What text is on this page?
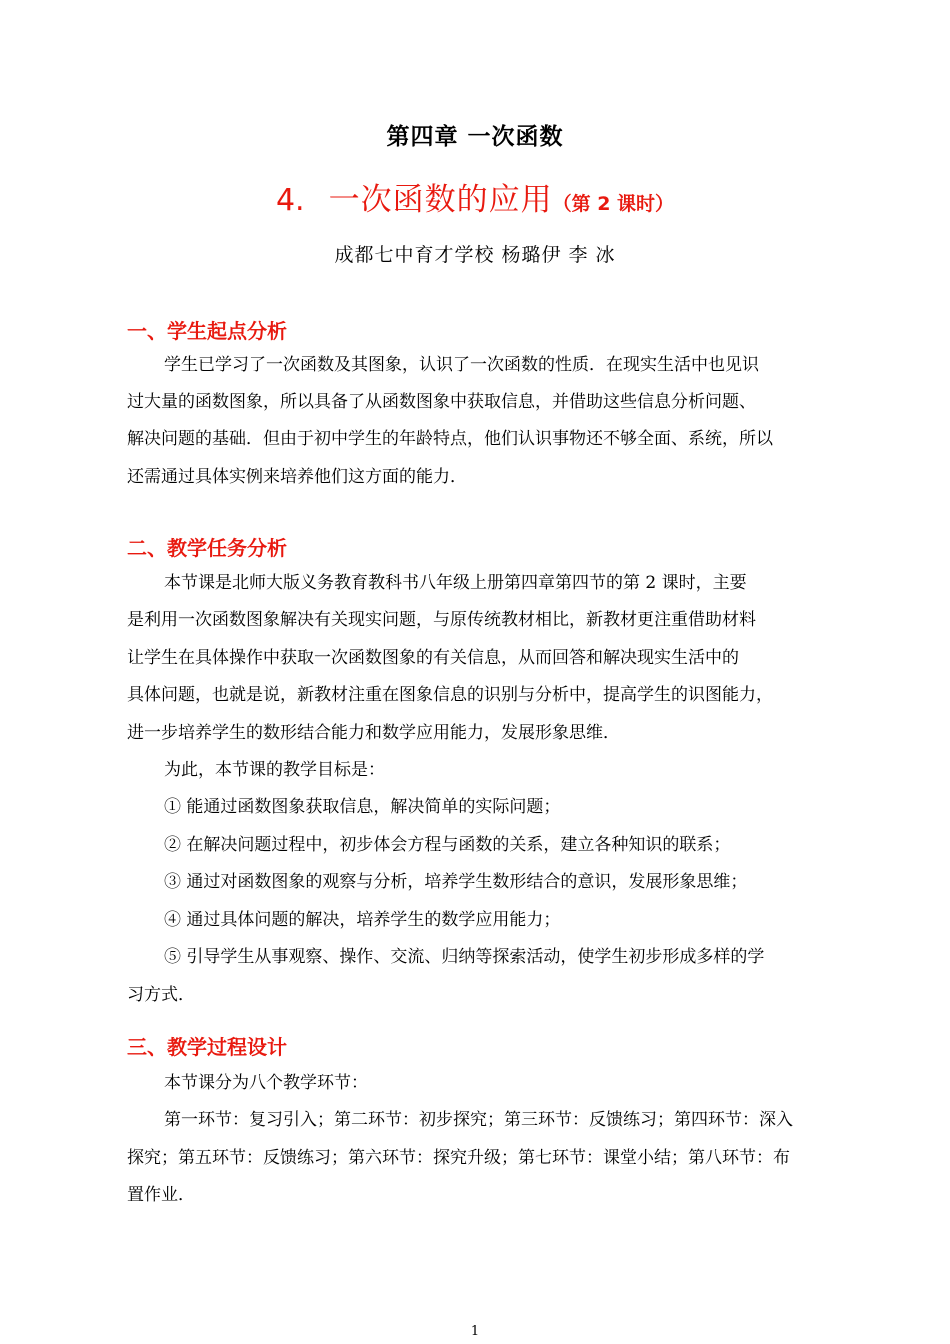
第四章 一次函数
4. 一次函数的应用（第 2 课时）
成都七中育才学校 杨璐伊 李 冰
一、学生起点分析
学生已学习了一次函数及其图象，认识了一次函数的性质．在现实生活中也见识
过大量的函数图象，所以具备了从函数图象中获取信息，并借助这些信息分析问题、
解决问题的基础．但由于初中学生的年龄特点，他们认识事物还不够全面、系统，所以
还需通过具体实例来培养他们这方面的能力．
二、教学任务分析
本节课是北师大版义务教育教科书八年级上册第四章第四节的第 2 课时，主要
是利用一次函数图象解决有关现实问题，与原传统教材相比，新教材更注重借助材料
让学生在具体操作中获取一次函数图象的有关信息，从而回答和解决现实生活中的
具体问题，也就是说，新教材注重在图象信息的识别与分析中，提高学生的识图能力，
进一步培养学生的数形结合能力和数学应用能力，发展形象思维．
为此，本节课的教学目标是：
① 能通过函数图象获取信息，解决简单的实际问题；
② 在解决问题过程中，初步体会方程与函数的关系，建立各种知识的联系；
③ 通过对函数图象的观察与分析，培养学生数形结合的意识，发展形象思维；
④ 通过具体问题的解决，培养学生的数学应用能力；
⑤ 引导学生从事观察、操作、交流、归纳等探索活动，使学生初步形成多样的学
习方式．
三、教学过程设计
本节课分为八个教学环节：
第一环节：复习引入；第二环节：初步探究；第三环节：反馈练习；第四环节：深入
探究；第五环节：反馈练习；第六环节：探究升级；第七环节：课堂小结；第八环节：布
置作业．
1
